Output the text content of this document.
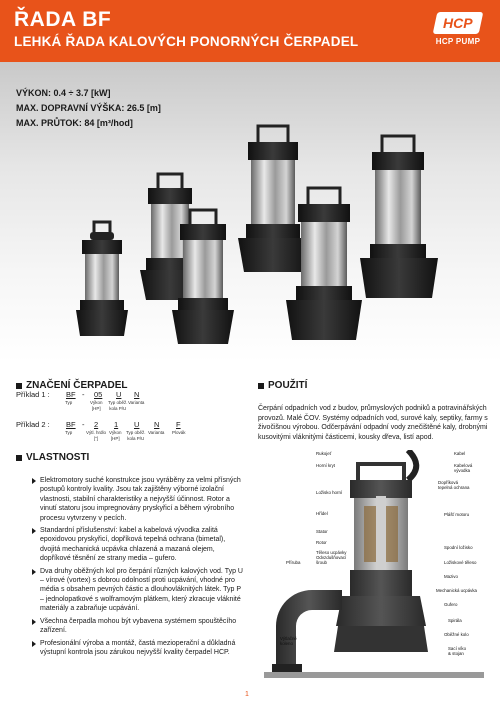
ŘADA BF
LEHKÁ ŘADA KALOVÝCH PONORNÝCH ČERPADEL
HCP
HCP PUMP
VÝKON: 0.4 ÷ 3.7 [kW]
MAX. DOPRAVNÍ VÝŠKA: 26.5 [m]
MAX. PRŮTOK: 84 [m³/hod]
ZNAČENÍ ČERPADEL
Příklad 1 : BF - 05 U N
Typ	Výkon
[HP]
Typ oběž.
kola P/U
Varianta
Příklad 2 : BF - 2 1 U N F
Typ	Výtl. hrdlo
["]
Výkon
[HP]
Typ oběž.
kola P/U
Varianta Plovák
VLASTNOSTI
Elektromotory suché konstrukce jsou vyráběny za velmi přísných postupů kontroly kvality. Jsou tak zajištěny výborné izolační vlastnosti, stabilní charakteristiky a nejvyšší účinnost. Rotor a vinutí statoru jsou impregnovány pryskyřicí a během výrobního procesu vytvrzeny v pecích.
Standardní příslušenství: kabel a kabelová vývodka zalitá epoxidovou pryskyřicí, dopříková tepelná ochrana (bimetal), dvojitá mechanická ucpávka chlazená a mazaná olejem, dopříkové těsnění ze strany media – gufero.
Dva druhy oběžných kol pro čerpání různých kalových vod. Typ U – vírové (vortex) s dobrou odolností proti ucpávání, vhodné pro média s obsahem pevných částic a dlouhovláknitých látek. Typ P – jednolopatkové s wolframovým plátkem, který zkracuje vláknité materiály a zabraňuje ucpávání.
Všechna čerpadla mohou být vybavena systémem spouštěcího zařízení.
Profesionální výroba a montáž, častá mezioperační a důkladná výstupní kontrola jsou zárukou nejvyšší kvality čerpadel HCP.
POUŽITÍ

Čerpání odpadních vod z budov, průmyslových podniků a potravinářských provozů. Malé ČOV. Systémy odpadních vod, surové kaly, septiky, farmy s živočišnou výrobou. Odčerpávání odpadní vody znečištěné kaly, drobnými kusovitými vláknitými částicemi, kousky dřeva, listí apod.

Rukojeť
Horní kryt
Ložisko horní
Hřídel
Stator
Rotor
Těleso ucpávky
Odvzdušňovací
šroub
Příruba
Výtlačné
koleno
Kabel
Kabelová
vývodka
Dopříková
tepelná ochrana
Plášť motoru
Spodní ložisko
Ložiskové těleso
Mazivo
Mechanická ucpávka
Gufero
Spirála
Oběžné kolo
Sací víko
& stojan
1
